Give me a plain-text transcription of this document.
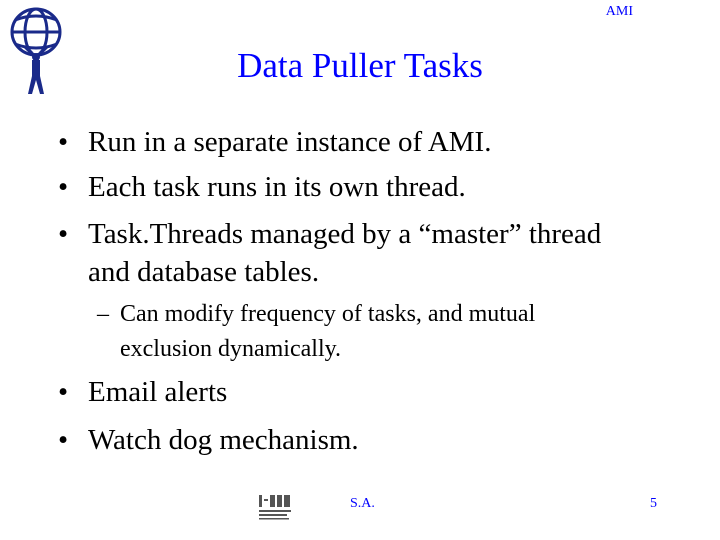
AMI
Data Puller Tasks
• Run in a separate instance of AMI.
• Each task runs in its own thread.
• Task.Threads managed by a “master” thread
and database tables.
– Can modify frequency of tasks, and mutual
exclusion dynamically.
• Email alerts
• Watch dog mechanism.
S.A.	5
